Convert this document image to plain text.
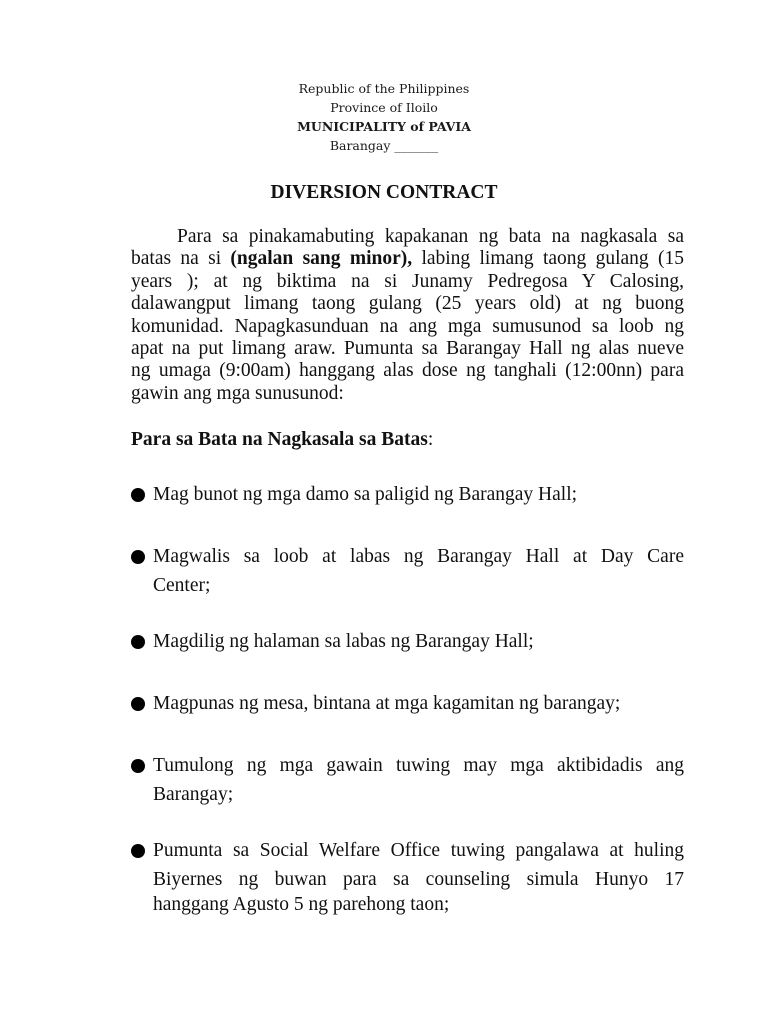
Republic of the Philippines
Province of Iloilo
MUNICIPALITY of PAVIA
Barangay _______
DIVERSION CONTRACT
Para sa pinakamabuting kapakanan ng bata na nagkasala sa
batas na si (ngalan sang minor), labing limang taong gulang (15
years ); at ng biktima na si Junamy Pedregosa Y Calosing,
dalawangput limang taong gulang (25 years old) at ng buong
komunidad. Napagkasunduan na ang mga sumusunod sa loob ng
apat na put limang araw. Pumunta sa Barangay Hall ng alas nueve
ng umaga (9:00am) hanggang alas dose ng tanghali (12:00nn) para
gawin ang mga sunusunod:
Para sa Bata na Nagkasala sa Batas:
Mag bunot ng mga damo sa paligid ng Barangay Hall;
Magwalis sa loob at labas ng Barangay Hall at Day Care
Center;
Magdilig ng halaman sa labas ng Barangay Hall;
Magpunas ng mesa, bintana at mga kagamitan ng barangay;
Tumulong ng mga gawain tuwing may mga aktibidadis ang
Barangay;
Pumunta sa Social Welfare Office tuwing pangalawa at huling
Biyernes ng buwan para sa counseling simula Hunyo 17
hanggang Agusto 5 ng parehong taon;
